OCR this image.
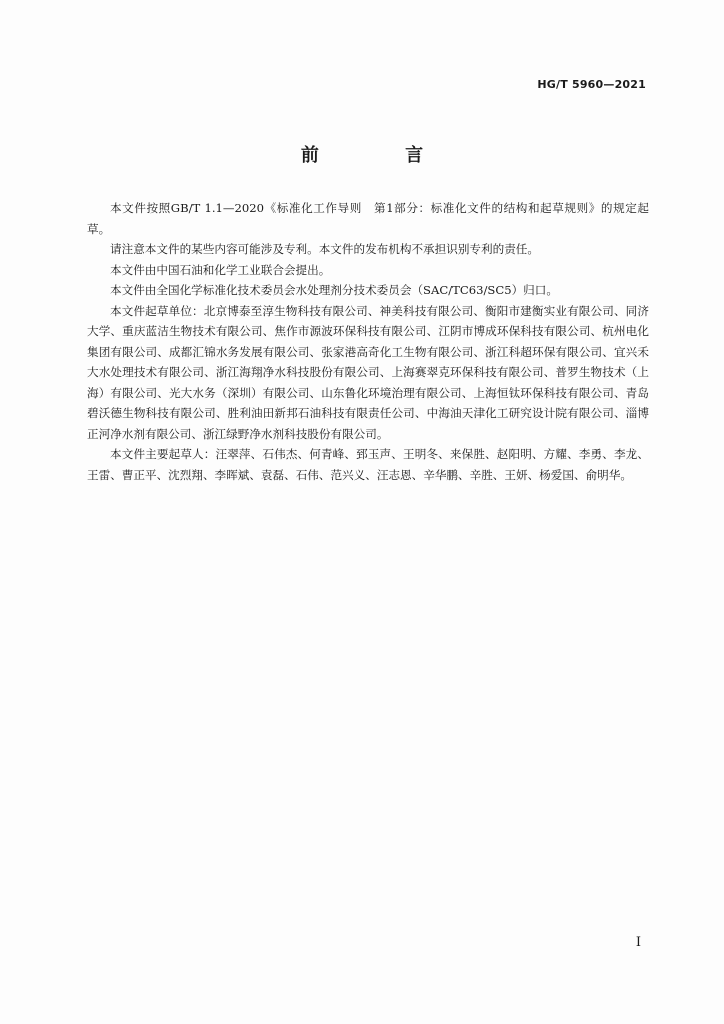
HG/T 5960—2021
前 言

本文件按照GB/T 1.1—2020《标准化工作导则　第1部分：标准化文件的结构和起草规则》的规定起草。

请注意本文件的某些内容可能涉及专利。本文件的发布机构不承担识别专利的责任。

本文件由中国石油和化学工业联合会提出。

本文件由全国化学标准化技术委员会水处理剂分技术委员会（SAC/TC63/SC5）归口。

本文件起草单位：北京博泰至淳生物科技有限公司、神美科技有限公司、衡阳市建衡实业有限公司、同济大学、重庆蓝洁生物技术有限公司、焦作市源波环保科技有限公司、江阴市博成环保科技有限公司、杭州电化集团有限公司、成都汇锦水务发展有限公司、张家港高奇化工生物有限公司、浙江科超环保有限公司、宜兴禾大水处理技术有限公司、浙江海翔净水科技股份有限公司、上海赛翠克环保科技有限公司、普罗生物技术（上海）有限公司、光大水务（深圳）有限公司、山东鲁化环境治理有限公司、上海恒钛环保科技有限公司、青岛碧沃德生物科技有限公司、胜利油田新邦石油科技有限责任公司、中海油天津化工研究设计院有限公司、淄博正河净水剂有限公司、浙江绿野净水剂科技股份有限公司。

本文件主要起草人：汪翠萍、石伟杰、何青峰、郅玉声、王明冬、来保胜、赵阳明、方耀、李勇、李龙、王雷、曹正平、沈烈翔、李晖斌、袁磊、石伟、范兴义、汪志恩、辛华鹏、辛胜、王妍、杨爱国、俞明华。

I
